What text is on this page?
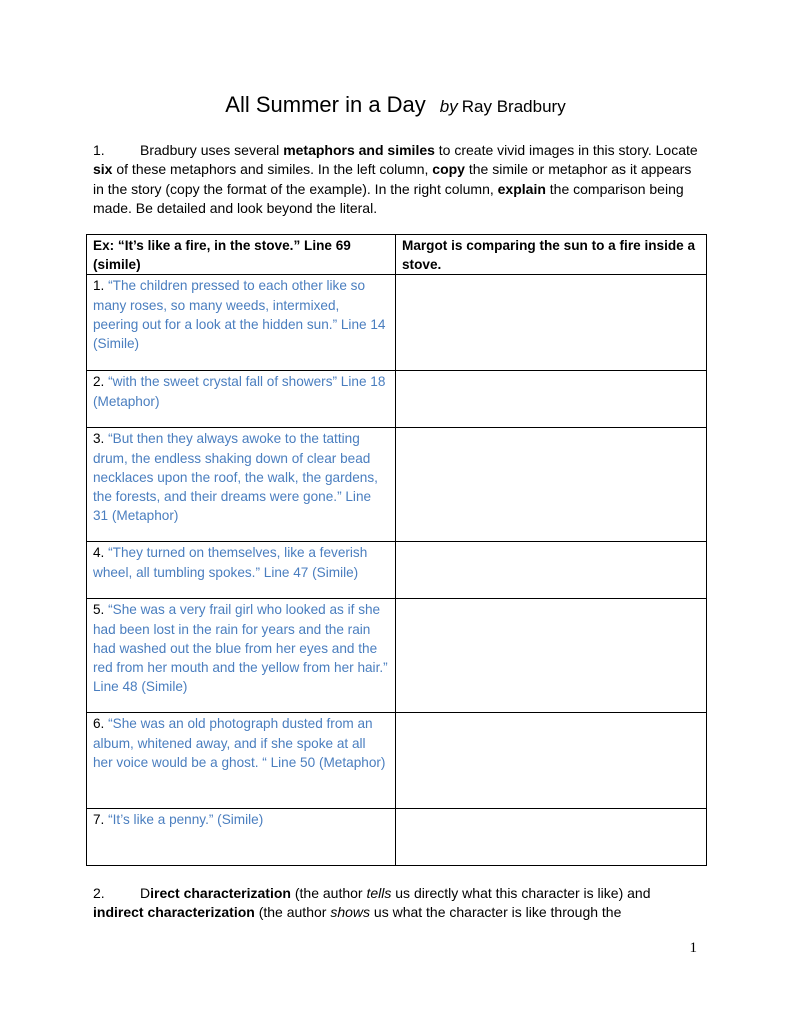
All Summer in a Day by Ray Bradbury
1.	Bradbury uses several metaphors and similes to create vivid images in this story. Locate six of these metaphors and similes. In the left column, copy the simile or metaphor as it appears in the story (copy the format of the example). In the right column, explain the comparison being made. Be detailed and look beyond the literal.
Ex: “It’s like a fire, in the stove.” Line 69 (simile)	Margot is comparing the sun to a fire inside a stove.
1. “The children pressed to each other like so many roses, so many weeds, intermixed, peering out for a look at the hidden sun.” Line 14 (Simile)	
2. “with the sweet crystal fall of showers” Line 18 (Metaphor)	
3. “But then they always awoke to the tatting drum, the endless shaking down of clear bead necklaces upon the roof, the walk, the gardens, the forests, and their dreams were gone.” Line 31 (Metaphor)	
4. “They turned on themselves, like a feverish wheel, all tumbling spokes.” Line 47 (Simile)	
5. “She was a very frail girl who looked as if she had been lost in the rain for years and the rain had washed out the blue from her eyes and the red from her mouth and the yellow from her hair.” Line 48 (Simile)	
6. “She was an old photograph dusted from an album, whitened away, and if she spoke at all her voice would be a ghost. “ Line 50 (Metaphor)	
7. “It’s like a penny.” (Simile)	
2.	Direct characterization (the author tells us directly what this character is like) and indirect characterization (the author shows us what the character is like through the
1
